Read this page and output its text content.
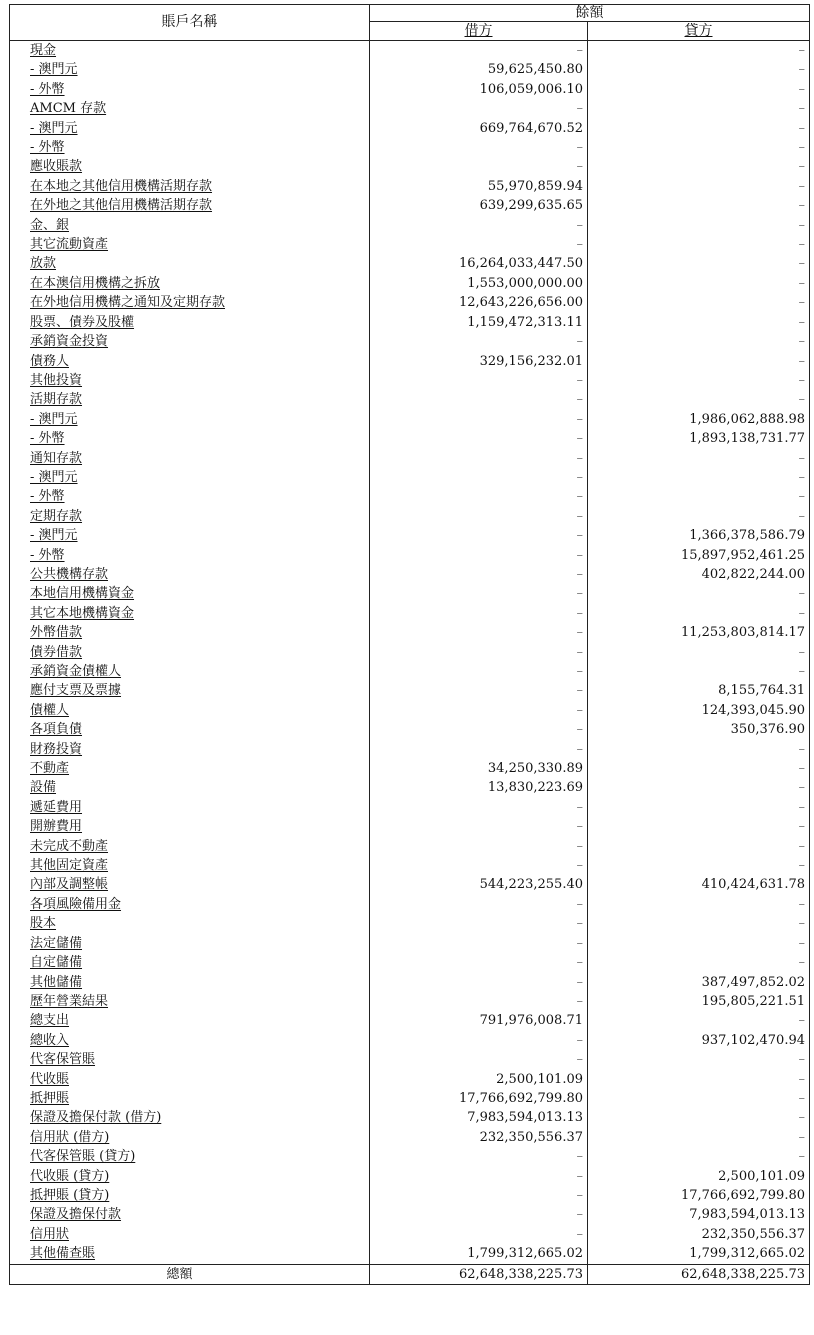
賬戶名稱	餘額	
	借方	貸方
現金	–	–
- 澳門元	59,625,450.80	–
- 外幣	106,059,006.10	–
AMCM 存款	–	–
- 澳門元	669,764,670.52	–
- 外幣	–	–
應收賬款	–	–
在本地之其他信用機構活期存款	55,970,859.94	–
在外地之其他信用機構活期存款	639,299,635.65	–
金、銀	–	–
其它流動資產	–	–
放款	16,264,033,447.50	–
在本澳信用機構之拆放	1,553,000,000.00	–
在外地信用機構之通知及定期存款	12,643,226,656.00	–
股票、債券及股權	1,159,472,313.11	–
承銷資金投資	–	–
債務人	329,156,232.01	–
其他投資	–	–
活期存款	–	–
- 澳門元	–	1,986,062,888.98
- 外幣	–	1,893,138,731.77
通知存款	–	–
- 澳門元	–	–
- 外幣	–	–
定期存款	–	–
- 澳門元	–	1,366,378,586.79
- 外幣	–	15,897,952,461.25
公共機構存款	–	402,822,244.00
本地信用機構資金	–	–
其它本地機構資金	–	–
外幣借款	–	11,253,803,814.17
債券借款	–	–
承銷資金債權人	–	–
應付支票及票據	–	8,155,764.31
債權人	–	124,393,045.90
各項負債	–	350,376.90
財務投資	–	–
不動產	34,250,330.89	–
設備	13,830,223.69	–
遞延費用	–	–
開辦費用	–	–
未完成不動產	–	–
其他固定資產	–	–
內部及調整帳	544,223,255.40	410,424,631.78
各項風險備用金	–	–
股本	–	–
法定儲備	–	–
自定儲備	–	–
其他儲備	–	387,497,852.02
歷年營業結果	–	195,805,221.51
總支出	791,976,008.71	–
總收入	–	937,102,470.94
代客保管賬	–	–
代收賬	2,500,101.09	–
抵押賬	17,766,692,799.80	–
保證及擔保付款 (借方)	7,983,594,013.13	–
信用狀 (借方)	232,350,556.37	–
代客保管賬 (貸方)	–	–
代收賬 (貸方)	–	2,500,101.09
抵押賬 (貸方)	–	17,766,692,799.80
保證及擔保付款	–	7,983,594,013.13
信用狀	–	232,350,556.37
其他備查賬	1,799,312,665.02	1,799,312,665.02
總額	62,648,338,225.73	62,648,338,225.73
